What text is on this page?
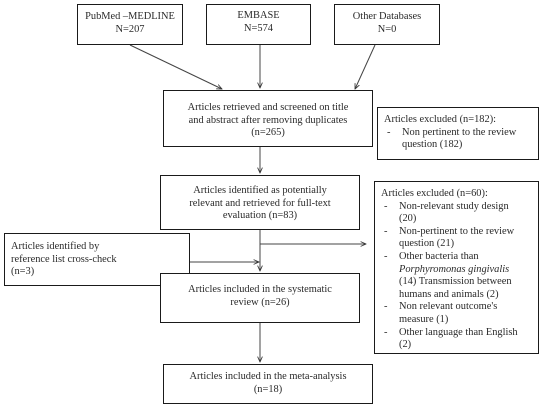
PubMed –MEDLINE
N=207
EMBASE
N=574
Other Databases
N=0
Articles retrieved and screened on title
and abstract after removing duplicates
(n=265)
Articles excluded (n=182):
- Non pertinent to the review
question (182)
Articles identified as potentially
relevant and retrieved for full-text
evaluation (n=83)
Articles excluded (n=60):
- Non-relevant study design
(20)
- Non-pertinent to the review
question (21)
- Other bacteria than
Porphyromonas gingivalis
(14) Transmission between
humans and animals (2)
- Non relevant outcome's
measure (1)
- Other language than English
(2)
Articles identified by
reference list cross-check
(n=3)
Articles included in the systematic
review (n=26)
Articles included in the meta-analysis
(n=18)
